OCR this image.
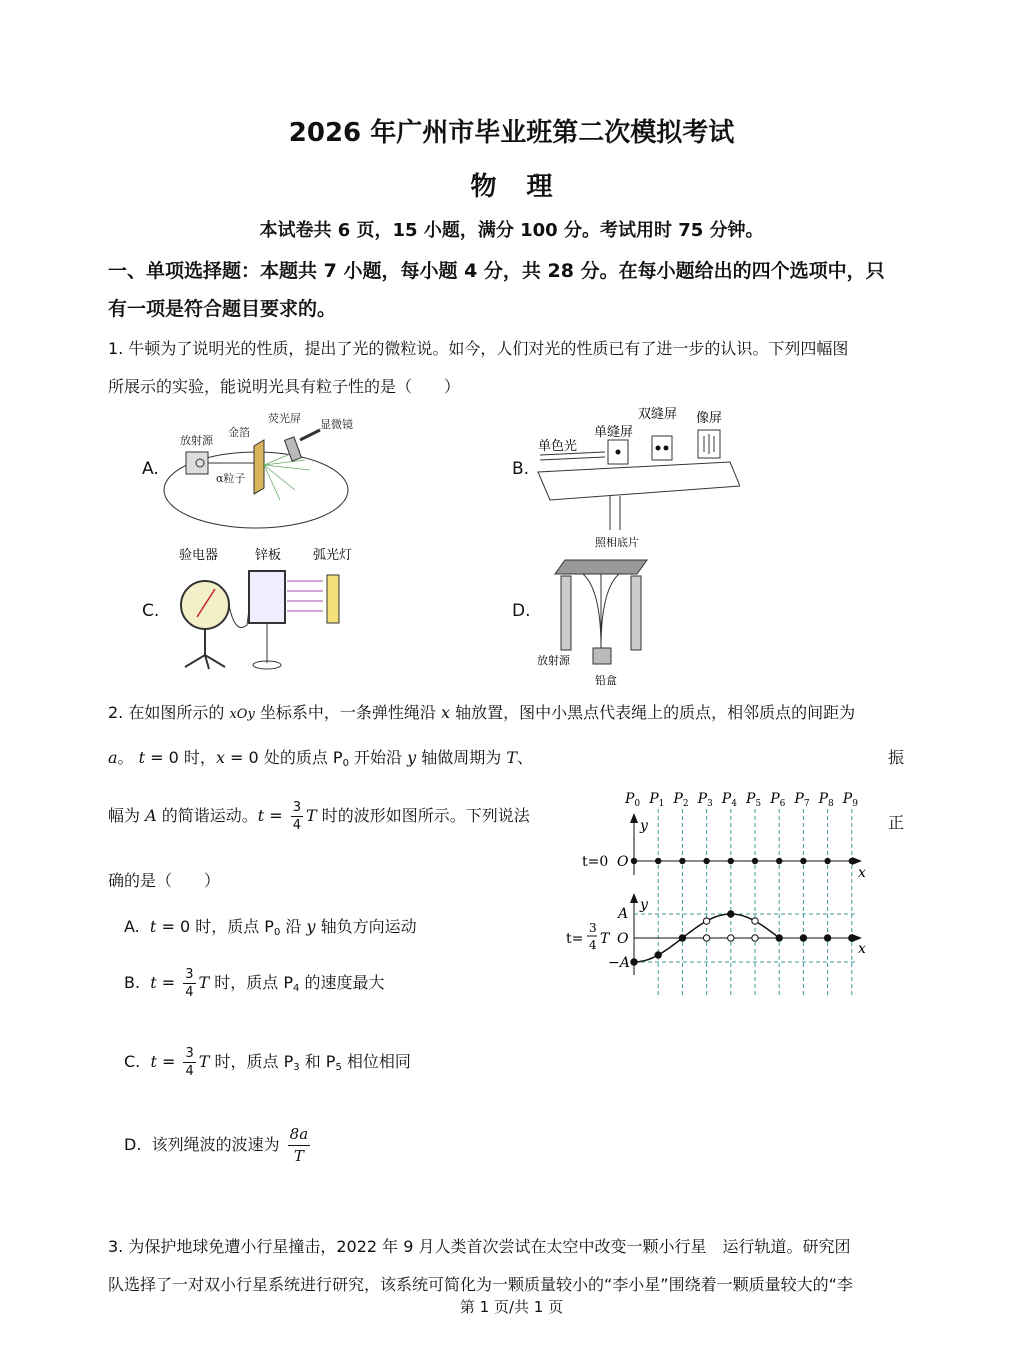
2026 年广州市毕业班第二次模拟考试
物理
本试卷共 6 页，15 小题，满分 100 分。考试用时 75 分钟。
一、单项选择题：本题共 7 小题，每小题 4 分，共 28 分。在每小题给出的四个选项中，只
有一项是符合题目要求的。
1. 牛顿为了说明光的性质，提出了光的微粒说。如今，人们对光的性质已有了进一步的认识。下列四幅图
所展示的实验，能说明光具有粒子性的是（　　）
A.	B.
C.	D.
放射源
金箔
荧光屏 显微镜
α粒子
单色光
单缝屏
双缝屏 像屏
验电器	锌板 弧光灯
照相底片
放射源
铅盒
2. 在如图所示的 xOy 坐标系中，一条弹性绳沿 x 轴放置，图中小黑点代表绳上的质点，相邻质点的间距为
a。 t = 0 时，x = 0 处的质点 $P_0$ 开始沿 y 轴做周期为 T、	振
幅为 A 的简谐运动。$t = \frac{3}{4}$ T 时的波形如图所示。下列说法	正
确的是（　　）
A. t = 0 时，质点 $P_0$ 沿 y 轴负方向运动
B. $t = \frac{3}{4}$ T 时，质点 $P_4$ 的速度最大
C. $t = \frac{3}{4}$ T 时，质点 $P_3$ 和 $P_5$ 相位相同
D. 该列绳波的波速为 $\frac{8a}{T}$
$P_0$ $P_1$ $P_2$ $P_3$ $P_4$ $P_5$ $P_6$ $P_7$ $P_8$ $P_9$
y
x
t=0 O
y
x
t=
3
4 T O
A
−A
3. 为保护地球免遭小行星撞击，2022 年 9 月人类首次尝试在太空中改变一颗小行星　运行轨道。研究团
队选择了一对双小行星系统进行研究，该系统可简化为一颗质量较小的“李小星”围绕着一颗质量较大的“李
第 1 页/共 1 页
